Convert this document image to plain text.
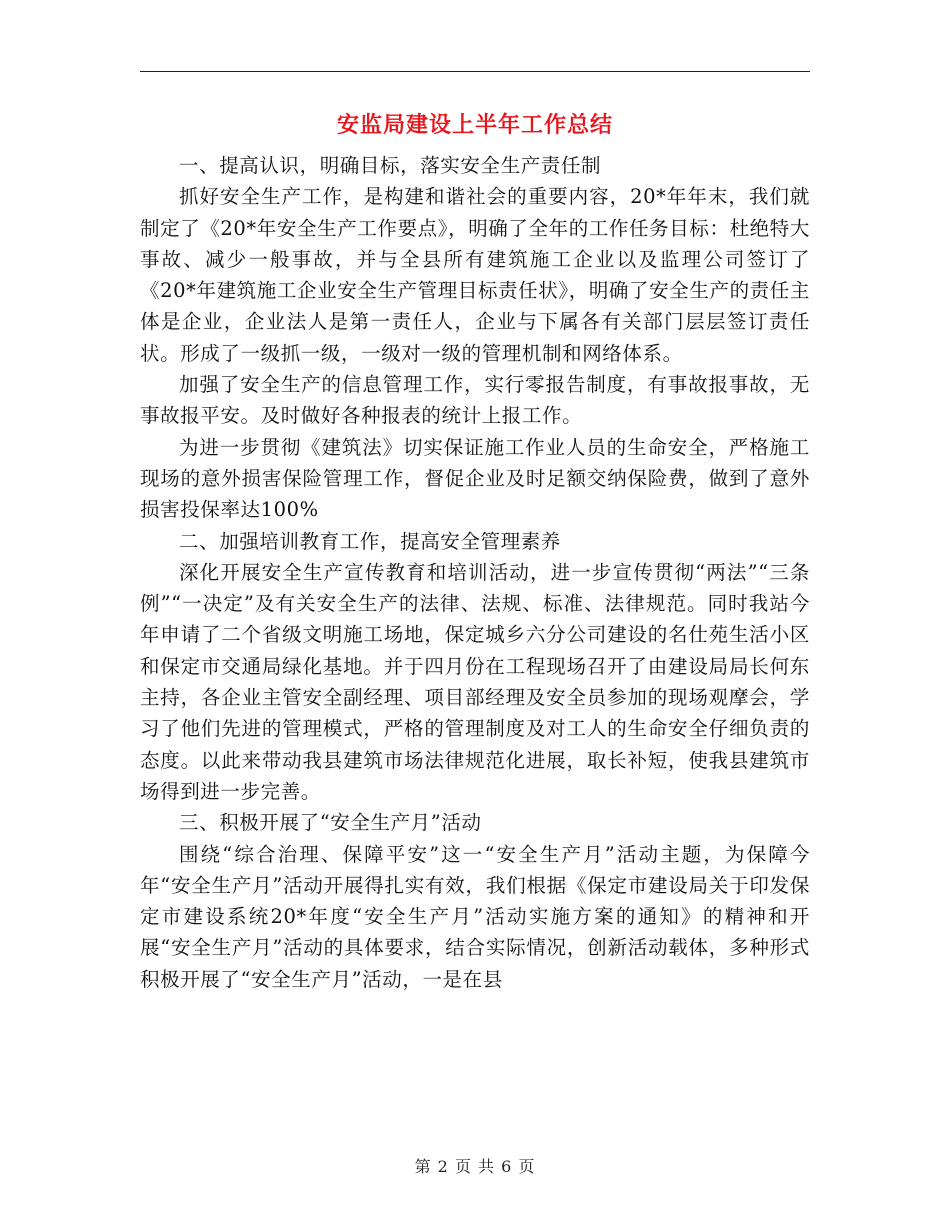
安监局建设上半年工作总结

一、提高认识，明确目标，落实安全生产责任制

抓好安全生产工作，是构建和谐社会的重要内容，20*年年末，我们就制定了《20*年安全生产工作要点》，明确了全年的工作任务目标：杜绝特大事故、减少一般事故，并与全县所有建筑施工企业以及监理公司签订了《20*年建筑施工企业安全生产管理目标责任状》，明确了安全生产的责任主体是企业，企业法人是第一责任人，企业与下属各有关部门层层签订责任状。形成了一级抓一级，一级对一级的管理机制和网络体系。

加强了安全生产的信息管理工作，实行零报告制度，有事故报事故，无事故报平安。及时做好各种报表的统计上报工作。

为进一步贯彻《建筑法》切实保证施工作业人员的生命安全，严格施工现场的意外损害保险管理工作，督促企业及时足额交纳保险费，做到了意外损害投保率达100%

二、加强培训教育工作，提高安全管理素养

深化开展安全生产宣传教育和培训活动，进一步宣传贯彻“两法”“三条例”“一决定”及有关安全生产的法律、法规、标准、法律规范。同时我站今年申请了二个省级文明施工场地，保定城乡六分公司建设的名仕苑生活小区和保定市交通局绿化基地。并于四月份在工程现场召开了由建设局局长何东主持，各企业主管安全副经理、项目部经理及安全员参加的现场观摩会，学习了他们先进的管理模式，严格的管理制度及对工人的生命安全仔细负责的态度。以此来带动我县建筑市场法律规范化进展，取长补短，使我县建筑市场得到进一步完善。

三、积极开展了“安全生产月”活动

围绕“综合治理、保障平安”这一“安全生产月”活动主题，为保障今年“安全生产月”活动开展得扎实有效，我们根据《保定市建设局关于印发保定市建设系统20*年度“安全生产月”活动实施方案的通知》的精神和开展“安全生产月”活动的具体要求，结合实际情况，创新活动载体，多种形式积极开展了“安全生产月”活动，一是在县

第 2 页 共 6 页
